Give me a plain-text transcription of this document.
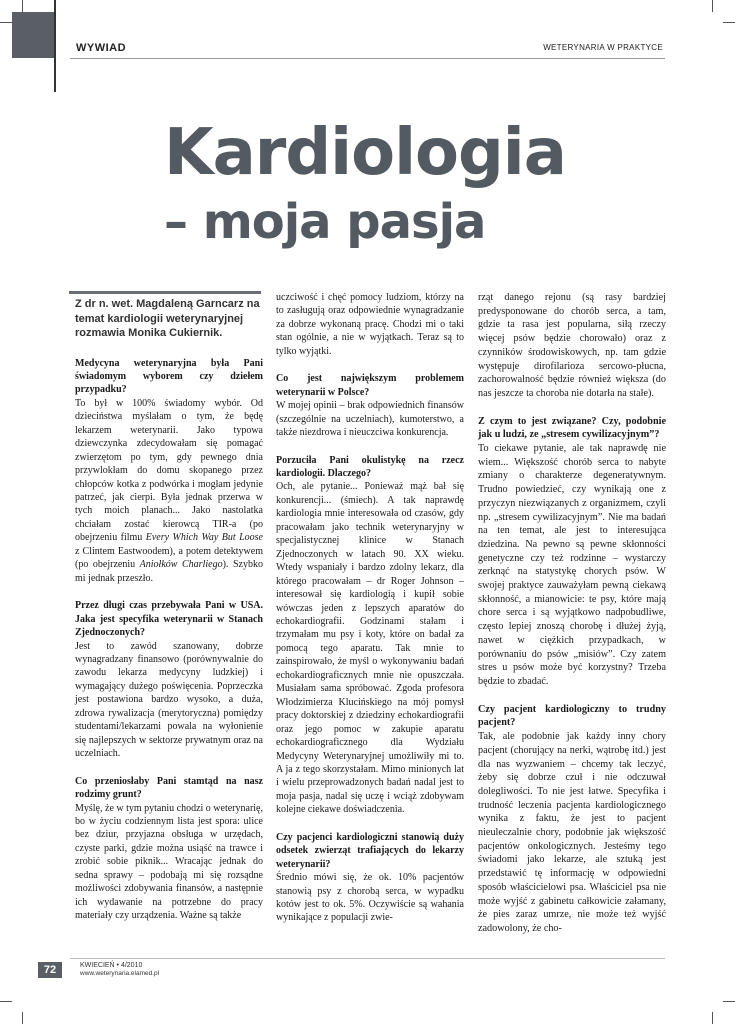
WYWIAD	WETERYNARIA W PRAKTYCE
Kardiologia
– moja pasja

Z dr n. wet. Magdaleną Garncarz na temat kardiologii weterynaryjnej rozmawia Monika Cukiernik.

Medycyna weterynaryjna była Pani świadomym wyborem czy dziełem przypadku?

To był w 100% świadomy wybór. Od dzieciństwa myślałam o tym, że będę lekarzem weterynarii. Jako typowa dziewczynka zdecydowałam się pomagać zwierzętom po tym, gdy pewnego dnia przywlokłam do domu skopanego przez chłopców kotka z podwórka i mogłam jedynie patrzeć, jak cierpi. Była jednak przerwa w tych moich planach... Jako nastolatka chciałam zostać kierowcą TIR-a (po obejrzeniu filmu Every Which Way But Loose z Clintem Eastwoodem), a potem detektywem (po obejrzeniu Aniołków Charliego). Szybko mi jednak przeszło.

Przez długi czas przebywała Pani w USA. Jaka jest specyfika weterynarii w Stanach Zjednoczonych?

Jest to zawód szanowany, dobrze wynagradzany finansowo (porównywalnie do zawodu lekarza medycyny ludzkiej) i wymagający dużego poświęcenia. Poprzeczka jest postawiona bardzo wysoko, a duża, zdrowa rywalizacja (merytoryczna) pomiędzy studentami/lekarzami powala na wyłonienie się najlepszych w sektorze prywatnym oraz na uczelniach.

Co przeniosłaby Pani stamtąd na nasz rodzimy grunt?

Myślę, że w tym pytaniu chodzi o weterynarię, bo w życiu codziennym lista jest spora: ulice bez dziur, przyjazna obsługa w urzędach, czyste parki, gdzie można usiąść na trawce i zrobić sobie piknik... Wracając jednak do sedna sprawy – podobają mi się rozsądne możliwości zdobywania finansów, a następnie ich wydawanie na potrzebne do pracy materiały czy urządzenia. Ważne są także

uczciwość i chęć pomocy ludziom, którzy na to zasługują oraz odpowiednie wynagradzanie za dobrze wykonaną pracę. Chodzi mi o taki stan ogólnie, a nie w wyjątkach. Teraz są to tylko wyjątki.

Co jest największym problemem weterynarii w Polsce?

W mojej opinii – brak odpowiednich finansów (szczególnie na uczelniach), kumoterstwo, a także niezdrowa i nieuczciwa konkurencja.

Porzuciła Pani okulistykę na rzecz kardiologii. Dlaczego?

Och, ale pytanie... Ponieważ mąż bał się konkurencji... (śmiech). A tak naprawdę kardiologia mnie interesowała od czasów, gdy pracowałam jako technik weterynaryjny w specjalistycznej klinice w Stanach Zjednoczonych w latach 90. XX wieku. Wtedy wspaniały i bardzo zdolny lekarz, dla którego pracowałam – dr Roger Johnson – interesował się kardiologią i kupił sobie wówczas jeden z lepszych aparatów do echokardiografii. Godzinami stałam i trzymałam mu psy i koty, które on badał za pomocą tego aparatu. Tak mnie to zainspirowało, że myśl o wykonywaniu badań echokardiograficznych mnie nie opuszczała. Musiałam sama spróbować. Zgoda profesora Włodzimierza Klucińskiego na mój pomysł pracy doktorskiej z dziedziny echokardiografii oraz jego pomoc w zakupie aparatu echokardiograficznego dla Wydziału Medycyny Weterynaryjnej umożliwiły mi to. A ja z tego skorzystałam. Mimo minionych lat i wielu przeprowadzonych badań nadal jest to moja pasja, nadal się uczę i wciąż zdobywam kolejne ciekawe doświadczenia.

Czy pacjenci kardiologiczni stanowią duży odsetek zwierząt trafiających do lekarzy weterynarii?

Średnio mówi się, że ok. 10% pacjentów stanowią psy z chorobą serca, w wypadku kotów jest to ok. 5%. Oczywiście są wahania wynikające z populacji zwie-

rząt danego rejonu (są rasy bardziej predysponowane do chorób serca, a tam, gdzie ta rasa jest popularna, siłą rzeczy więcej psów będzie chorowało) oraz z czynników środowiskowych, np. tam gdzie występuje dirofilarioza sercowo-płucna, zachorowalność będzie również większa (do nas jeszcze ta choroba nie dotarła na stałe).

Z czym to jest związane? Czy, podobnie jak u ludzi, ze „stresem cywilizacyjnym”?

To ciekawe pytanie, ale tak naprawdę nie wiem... Większość chorób serca to nabyte zmiany o charakterze degeneratywnym. Trudno powiedzieć, czy wynikają one z przyczyn niezwiązanych z organizmem, czyli np. „stresem cywilizacyjnym”. Nie ma badań na ten temat, ale jest to interesująca dziedzina. Na pewno są pewne skłonności genetyczne czy też rodzinne – wystarczy zerknąć na statystykę chorych psów. W swojej praktyce zauważyłam pewną ciekawą skłonność, a mianowicie: te psy, które mają chore serca i są wyjątkowo nadpobudliwe, często lepiej znoszą chorobę i dłużej żyją, nawet w ciężkich przypadkach, w porównaniu do psów „misiów”. Czy zatem stres u psów może być korzystny? Trzeba będzie to zbadać.

Czy pacjent kardiologiczny to trudny pacjent?

Tak, ale podobnie jak każdy inny chory pacjent (chorujący na nerki, wątrobę itd.) jest dla nas wyzwaniem – chcemy tak leczyć, żeby się dobrze czuł i nie odczuwał dolegliwości. To nie jest łatwe. Specyfika i trudność leczenia pacjenta kardiologicznego wynika z faktu, że jest to pacjent nieuleczalnie chory, podobnie jak większość pacjentów onkologicznych. Jesteśmy tego świadomi jako lekarze, ale sztuką jest przedstawić tę informację w odpowiedni sposób właścicielowi psa. Właściciel psa nie może wyjść z gabinetu całkowicie załamany, że pies zaraz umrze, nie może też wyjść zadowolony, że cho-

72	KWIECIEŃ • 4/2010
www.weterynaria.elamed.pl
